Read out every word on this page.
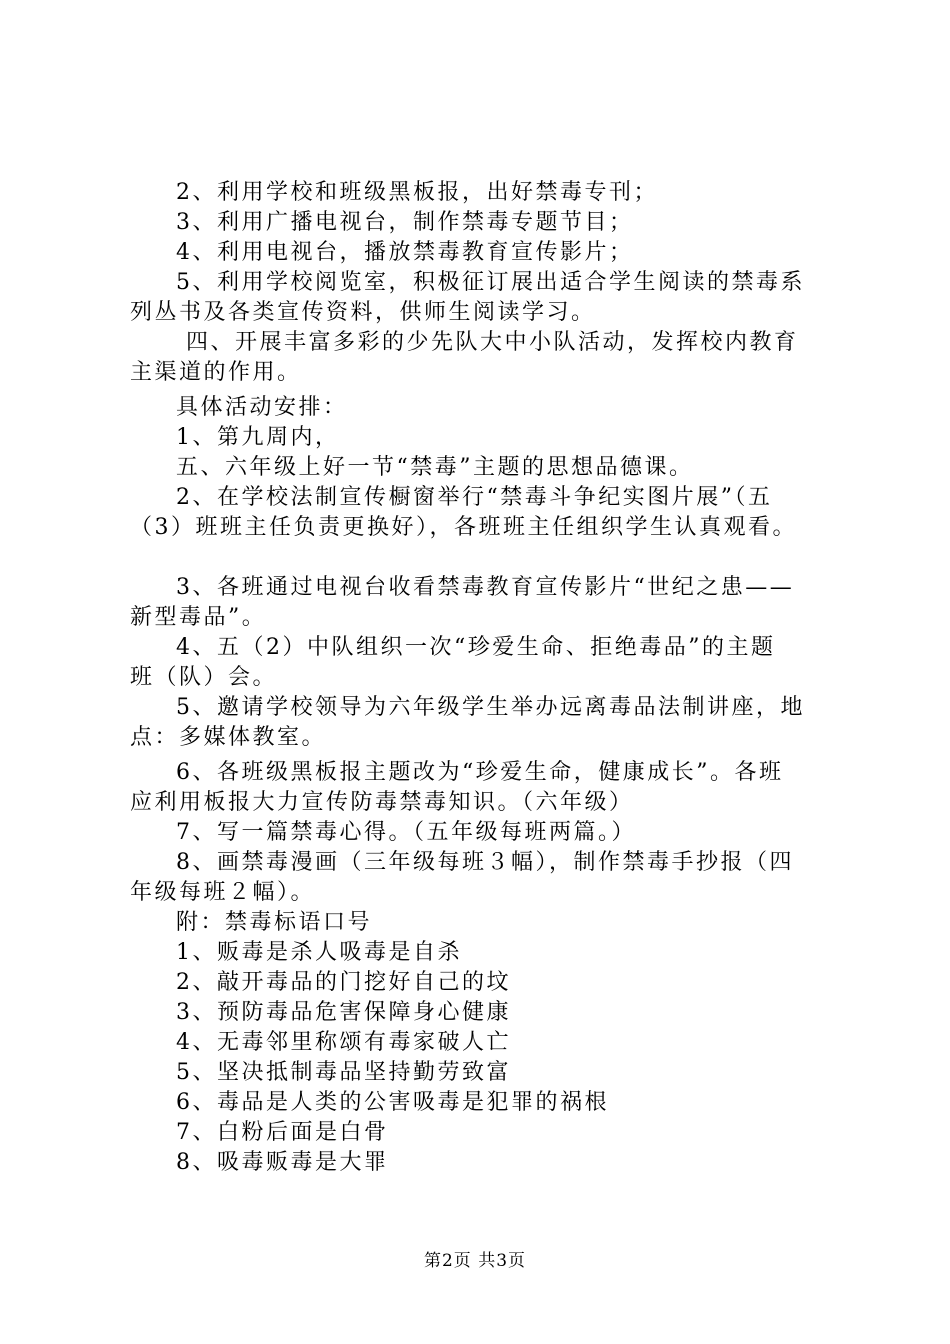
2、利用学校和班级黑板报，出好禁毒专刊；
3、利用广播电视台，制作禁毒专题节目；
4、利用电视台，播放禁毒教育宣传影片；
5、利用学校阅览室，积极征订展出适合学生阅读的禁毒系
列丛书及各类宣传资料，供师生阅读学习。
四、开展丰富多彩的少先队大中小队活动，发挥校内教育
主渠道的作用。
具体活动安排：
1、第九周内，
五、六年级上好一节“禁毒”主题的思想品德课。
2、在学校法制宣传橱窗举行“禁毒斗争纪实图片展”（五
（3）班班主任负责更换好），各班班主任组织学生认真观看。
3、各班通过电视台收看禁毒教育宣传影片“世纪之患——
新型毒品”。
4、五（2）中队组织一次“珍爱生命、拒绝毒品”的主题
班（队）会。
5、邀请学校领导为六年级学生举办远离毒品法制讲座，地
点：多媒体教室。
6、各班级黑板报主题改为“珍爱生命，健康成长”。各班
应利用板报大力宣传防毒禁毒知识。（六年级）
7、写一篇禁毒心得。（五年级每班两篇。）
8、画禁毒漫画（三年级每班３幅），制作禁毒手抄报（四
年级每班２幅）。
附：禁毒标语口号
1、贩毒是杀人吸毒是自杀
2、敲开毒品的门挖好自己的坟
3、预防毒品危害保障身心健康
4、无毒邻里称颂有毒家破人亡
5、坚决抵制毒品坚持勤劳致富
6、毒品是人类的公害吸毒是犯罪的祸根
7、白粉后面是白骨
8、吸毒贩毒是大罪
第2页 共3页
